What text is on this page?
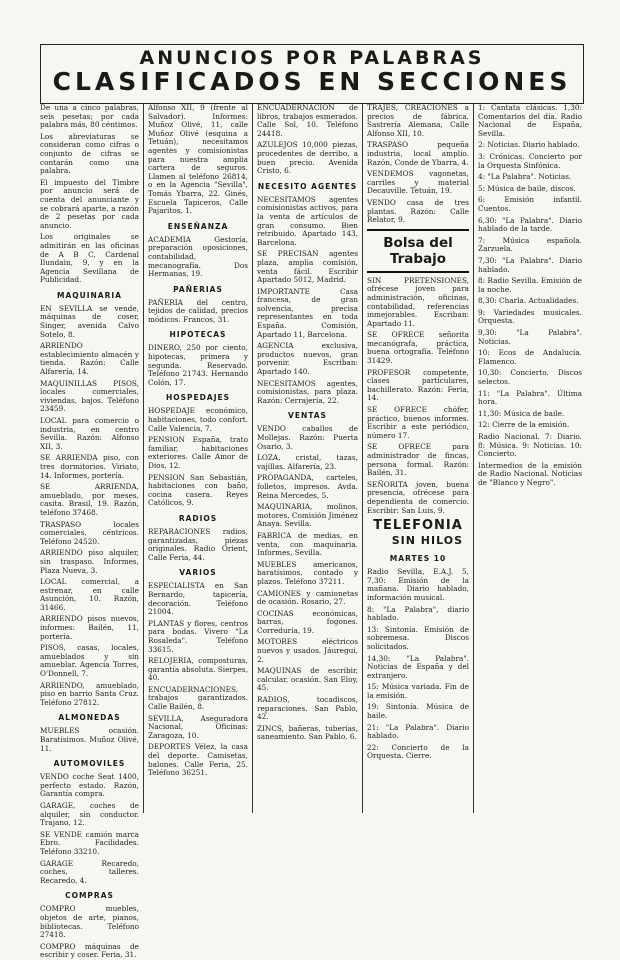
ANUNCIOS POR PALABRAS
CLASIFICADOS EN SECCIONES

De una a cinco palabras, seis pesetas; por cada palabra más, 80 céntimos.

Los abreviaturas se consideran como cifras o conjunto de cifras se contarán como una palabra.

El impuesto del Timbre por anuncio será de cuenta del anunciante y se cobrará aparte, a razón de 2 pesetas por cada anuncio.

Los originales se admitirán en las oficinas de A B C, Cardenal Ilundain, 9, y en la Agencia Sevillana de Publicidad.

MAQUINARIA

EN SEVILLA se vende, máquinas de coser, Singer, avenida Calvo Sotelo, 8.

ARRIENDO establecimiento almacén y tienda. Razón: Calle Alfarería, 14.

MAQUINILLAS PISOS, locales comerciales, viviendas, bajos. Teléfono 23459.

LOCAL para comercio o industria, en centro Sevilla. Razón: Alfonso XII, 3.

SE ARRIENDA piso, con tres dormitorios. Viriato, 14. Informes, portería.

SE ARRIENDA, amueblado, por meses, casita. Brasil, 19. Razón, teléfono 37468.

TRASPASO locales comerciales, céntricos. Teléfono 24520.

ARRIENDO piso alquiler, sin traspaso. Informes, Plaza Nueva, 3.

LOCAL comercial, a estrenar, en calle Asunción, 10. Razón, 31466.

ARRIENDO pisos nuevos, informes: Bailén, 11, portería.

PISOS, casas, locales, amueblados y sin amueblar. Agencia Torres, O'Donnell, 7.

ARRIENDO, amueblado, piso en barrio Santa Cruz. Teléfono 27812.

ALMONEDAS

MUEBLES ocasión. Baratísimos. Muñoz Olivé, 11.

AUTOMOVILES

VENDO coche Seat 1400, perfecto estado. Razón, Garantía compra.

GARAGE, coches de alquiler, sin conductor. Trajano, 12.

SE VENDE camión marca Ebro. Facilidades. Teléfono 33210.

GARAGE Recaredo, coches, talleres. Recaredo, 4.

COMPRAS

COMPRO muebles, objetos de arte, pianos, bibliotecas. Teléfono 27418.

COMPRO máquinas de escribir y coser. Feria, 31.

Alfonso XII, 9 (frente al Salvador). Informes: Muñoz Olivé, 11, calle Muñoz Olivé (esquina a Tetuán), necesitamos agentes y comisionistas para nuestra amplia cartera de seguros. Llamen al teléfono 26814, o en la Agencia "Sevilla", Tomás Ybarra, 22. Ginés, Escuela Tapiceros, Calle Pajaritos, 1.

ENSEÑANZA

ACADEMIA Gestoría, preparación oposiciones, contabilidad, mecanografía. Dos Hermanas, 19.

PAÑERIAS

PAÑERIA del centro, tejidos de calidad, precios módicos. Francos, 31.

HIPOTECAS

DINERO, 250 por ciento, hipotecas, primera y segunda. Reservado. Teléfono 21743. Hernando Colón, 17.

HOSPEDAJES

HOSPEDAJE económico, habitaciones, todo confort. Calle Valencia, 7.

PENSION España, trato familiar, habitaciones exteriores. Calle Amor de Dios, 12.

PENSION San Sebastián, habitaciones con baño, cocina casera. Reyes Católicos, 9.

RADIOS

REPARACIONES radios, garantizadas, piezas originales. Radio Orient, Calle Feria, 44.

VARIOS

ESPECIALISTA en San Bernardo, tapicería, decoración. Teléfono 21004.

PLANTAS y flores, centros para bodas. Vivero "La Rosaleda". Teléfono 33615.

RELOJERIA, composturas, garantía absoluta. Sierpes, 40.

ENCUADERNACIONES, trabajos garantizados. Calle Bailén, 8.

SEVILLA, Aseguradora Nacional, Oficinas: Zaragoza, 10.

DEPORTES Vélez, la casa del deporte. Camisetas, balones. Calle Feria, 25. Teléfono 36251.

ENCUADERNACION de libros, trabajos esmerados. Calle Sol, 10. Teléfono 24418.

AZULEJOS 10,000 piezas, procedentes de derribo, a buen precio. Avenida Cristo, 6.

NECESITO AGENTES

NECESITAMOS agentes comisionistas activos, para la venta de artículos de gran consumo. Bien retribuido. Apartado 143, Barcelona.

SE PRECISAN agentes plaza, amplia comisión, venta fácil. Escribir Apartado 5012, Madrid.

IMPORTANTE Casa francesa, de gran solvencia, precisa representantes en toda España. Comisión, Apartado 11, Barcelona.

AGENCIA exclusiva, productos nuevos, gran porvenir. Escriban: Apartado 140.

NECESITAMOS agentes, comisionistas, para plaza. Razón: Cerrajería, 22.

VENTAS

VENDO caballos de Mollejas. Razón: Puerta Osario, 3.

LOZA, cristal, tazas, vajillas. Alfarería, 23.

PROPAGANDA, carteles, folletos, impresos. Avda. Reina Mercedes, 5.

MAQUINARIA, molinos, motores, Comisión Jiménez Anaya. Sevilla.

FABRICA de medias, en venta, con maquinaria. Informes, Sevilla.

MUEBLES americanos, baratísimos, contado y plazos. Teléfono 37211.

CAMIONES y camionetas de ocasión. Rosario, 27.

COCINAS económicas, barras, fogones. Correduría, 19.

MOTORES eléctricos nuevos y usados. Jáuregui, 2.

MAQUINAS de escribir, calcular, ocasión. San Eloy, 45.

RADIOS, tocadiscos, reparaciones. San Pablo, 42.

ZINCS, bañeras, tuberías, saneamiento. San Pablo, 6.

TRAJES, CREACIONES a precios de fábrica. Sastrería Alemana, Calle Alfonso XII, 10.

TRASPASO pequeña industria, local amplio. Razón, Conde de Ybarra, 4.

VENDEMOS vagonetas, carriles y material Decauville. Tetuán, 19.

VENDO casa de tres plantas. Razón: Calle Relator, 9.

Bolsa del Trabajo

SIN PRETENSIONES, ofrécese joven para administración, oficinas, contabilidad, referencias inmejorables. Escriban: Apartado 11.

SE OFRECE señorita mecanógrafa, práctica, buena ortografía. Teléfono 31429.

PROFESOR competente, clases particulares, bachillerato. Razón: Feria, 14.

SE OFRECE chófer, práctico, buenos informes. Escribir a este periódico, número 17.

SE OFRECE para administrador de fincas, persona formal. Razón: Bailén, 31.

SEÑORITA joven, buena presencia, ofrécese para dependienta de comercio. Escribir: San Luis, 9.

TELEFONIA
SIN HILOS
MARTES 10

Radio Sevilla, E.A.J. 5, 7,30: Emisión de la mañana. Diario hablado, información musical.

8: "La Palabra", diario hablado.

13: Sintonía. Emisión de sobremesa. Discos solicitados.

14,30: "La Palabra". Noticias de España y del extranjero.

15: Música variada. Fin de la emisión.

19: Sintonía. Música de baile.

21: "La Palabra". Diario hablado.

22: Concierto de la Orquesta. Cierre.

1: Cantata clásicas. 1,30: Comentarios del día. Radio Nacional de España, Sevilla.

2: Noticias. Diario hablado.

3: Crónicas. Concierto por la Orquesta Sinfónica.

4: "La Palabra". Noticias.

5: Música de baile, discos.

6: Emisión infantil. Cuentos.

6,30: "La Palabra". Diario hablado de la tarde.

7: Música española. Zarzuela.

7,30: "La Palabra". Diario hablado.

8: Radio Sevilla. Emisión de la noche.

8,30: Charla. Actualidades.

9: Variedades musicales. Orquesta.

9,30: "La Palabra". Noticias.

10: Ecos de Andalucía. Flamenco.

10,30: Concierto. Discos selectos.

11: "La Palabra". Última hora.

11,30: Música de baile.

12: Cierre de la emisión.

Radio Nacional. 7: Diario. 8: Música. 9: Noticias. 10: Concierto.

Intermedios de la emisión de Radio Nacional. Noticias de "Blanco y Negro".
